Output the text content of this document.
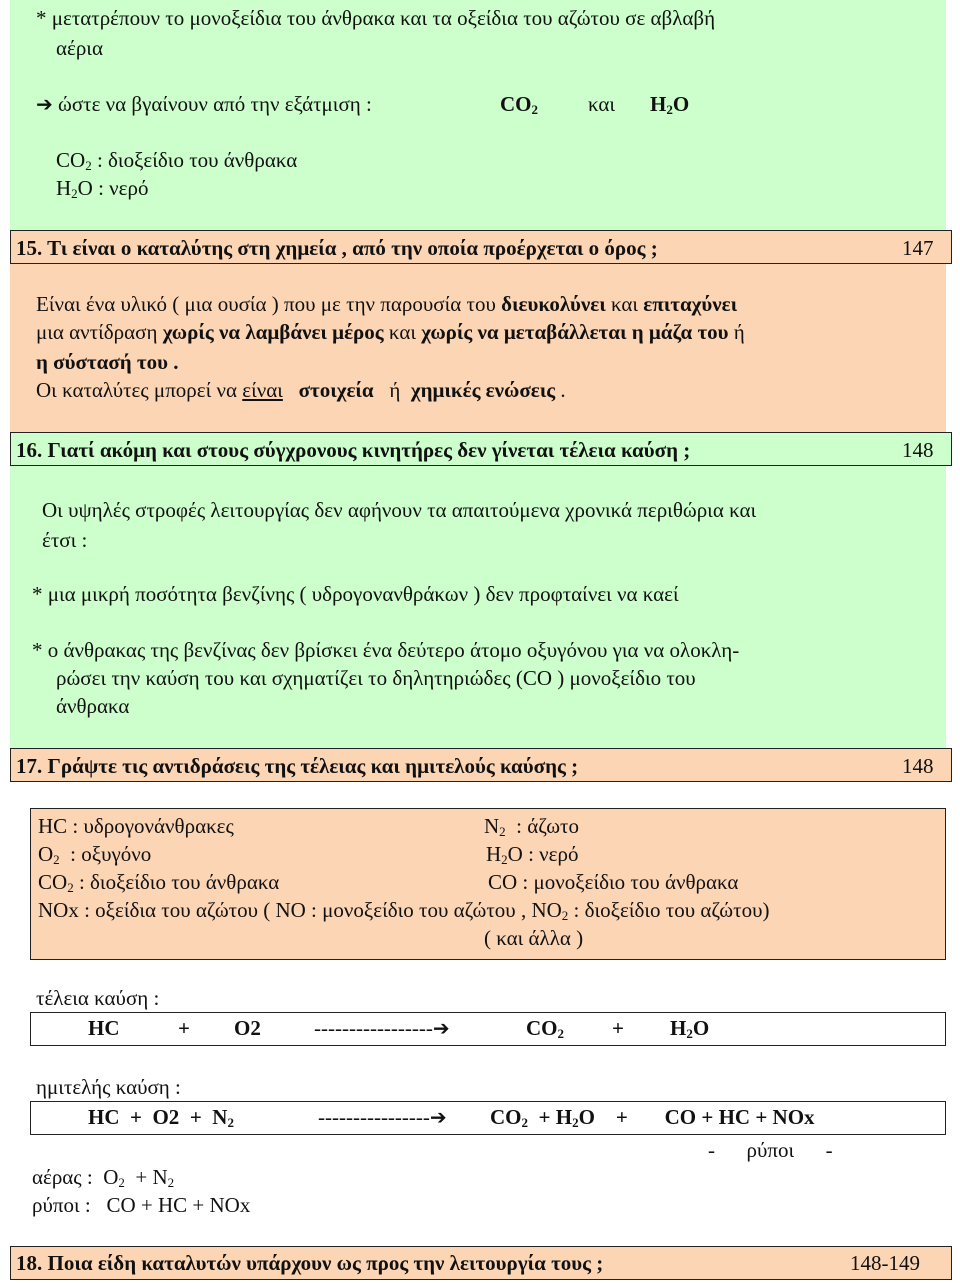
* μετατρέπουν το μονοξείδια του άνθρακα και τα οξείδια του αζώτου σε αβλαβή
αέρια
➔ ώστε να βγαίνουν από την εξάτμιση :	$CO_2$ και $H_2O$
$CO_2$ : διοξείδιο του άνθρακα
$H_2O$ : νερό
15. Τι είναι ο καταλύτης στη χημεία , από την οποία προέρχεται ο όρος ;	147
Είναι ένα υλικό ( μια ουσία ) που με την παρουσία του διευκολύνει και επιταχύνει
μια αντίδραση χωρίς να λαμβάνει μέρος και χωρίς να μεταβάλλεται η μάζα του ή
η σύστασή του .
Οι καταλύτες μπορεί να είναι στοιχεία ή χημικές ενώσεις .
16. Γιατί ακόμη και στους σύγχρονους κινητήρες δεν γίνεται τέλεια καύση ;	148
Οι υψηλές στροφές λειτουργίας δεν αφήνουν τα απαιτούμενα χρονικά περιθώρια και
έτσι :
* μια μικρή ποσότητα βενζίνης ( υδρογονανθράκων ) δεν προφταίνει να καεί
* ο άνθρακας της βενζίνας δεν βρίσκει ένα δεύτερο άτομο οξυγόνου για να ολοκλη-
ρώσει την καύση του και σχηματίζει το δηλητηριώδες (CO ) μονοξείδιο του
άνθρακα
17. Γράψτε τις αντιδράσεις της τέλειας και ημιτελούς καύσης ;	148
HC : υδρογονάνθρακες	$N_2$ : άζωτο
$O_2$ : οξυγόνο	$H_2O$ : νερό
$CO_2$ : διοξείδιο του άνθρακα	CO : μονοξείδιο του άνθρακα
NOx : οξείδια του αζώτου ( NO : μονοξείδιο του αζώτου , $NO_2$ : διοξείδιο του αζώτου)
( και άλλα )
τέλεια καύση :
HC	+ O2	-----------------➔	$CO_2 + H_2O$
ημιτελής καύση :
HC  +  $O2 + N_2$	----------------➔ $CO_2 + H_2O$    +       CO + HC + NOx
-      ρύποι      -
αέρας : $O_2 + N_2$
ρύποι : CO + HC + NOx
18. Ποια είδη καταλυτών υπάρχουν ως προς την λειτουργία τους ;	148-149
